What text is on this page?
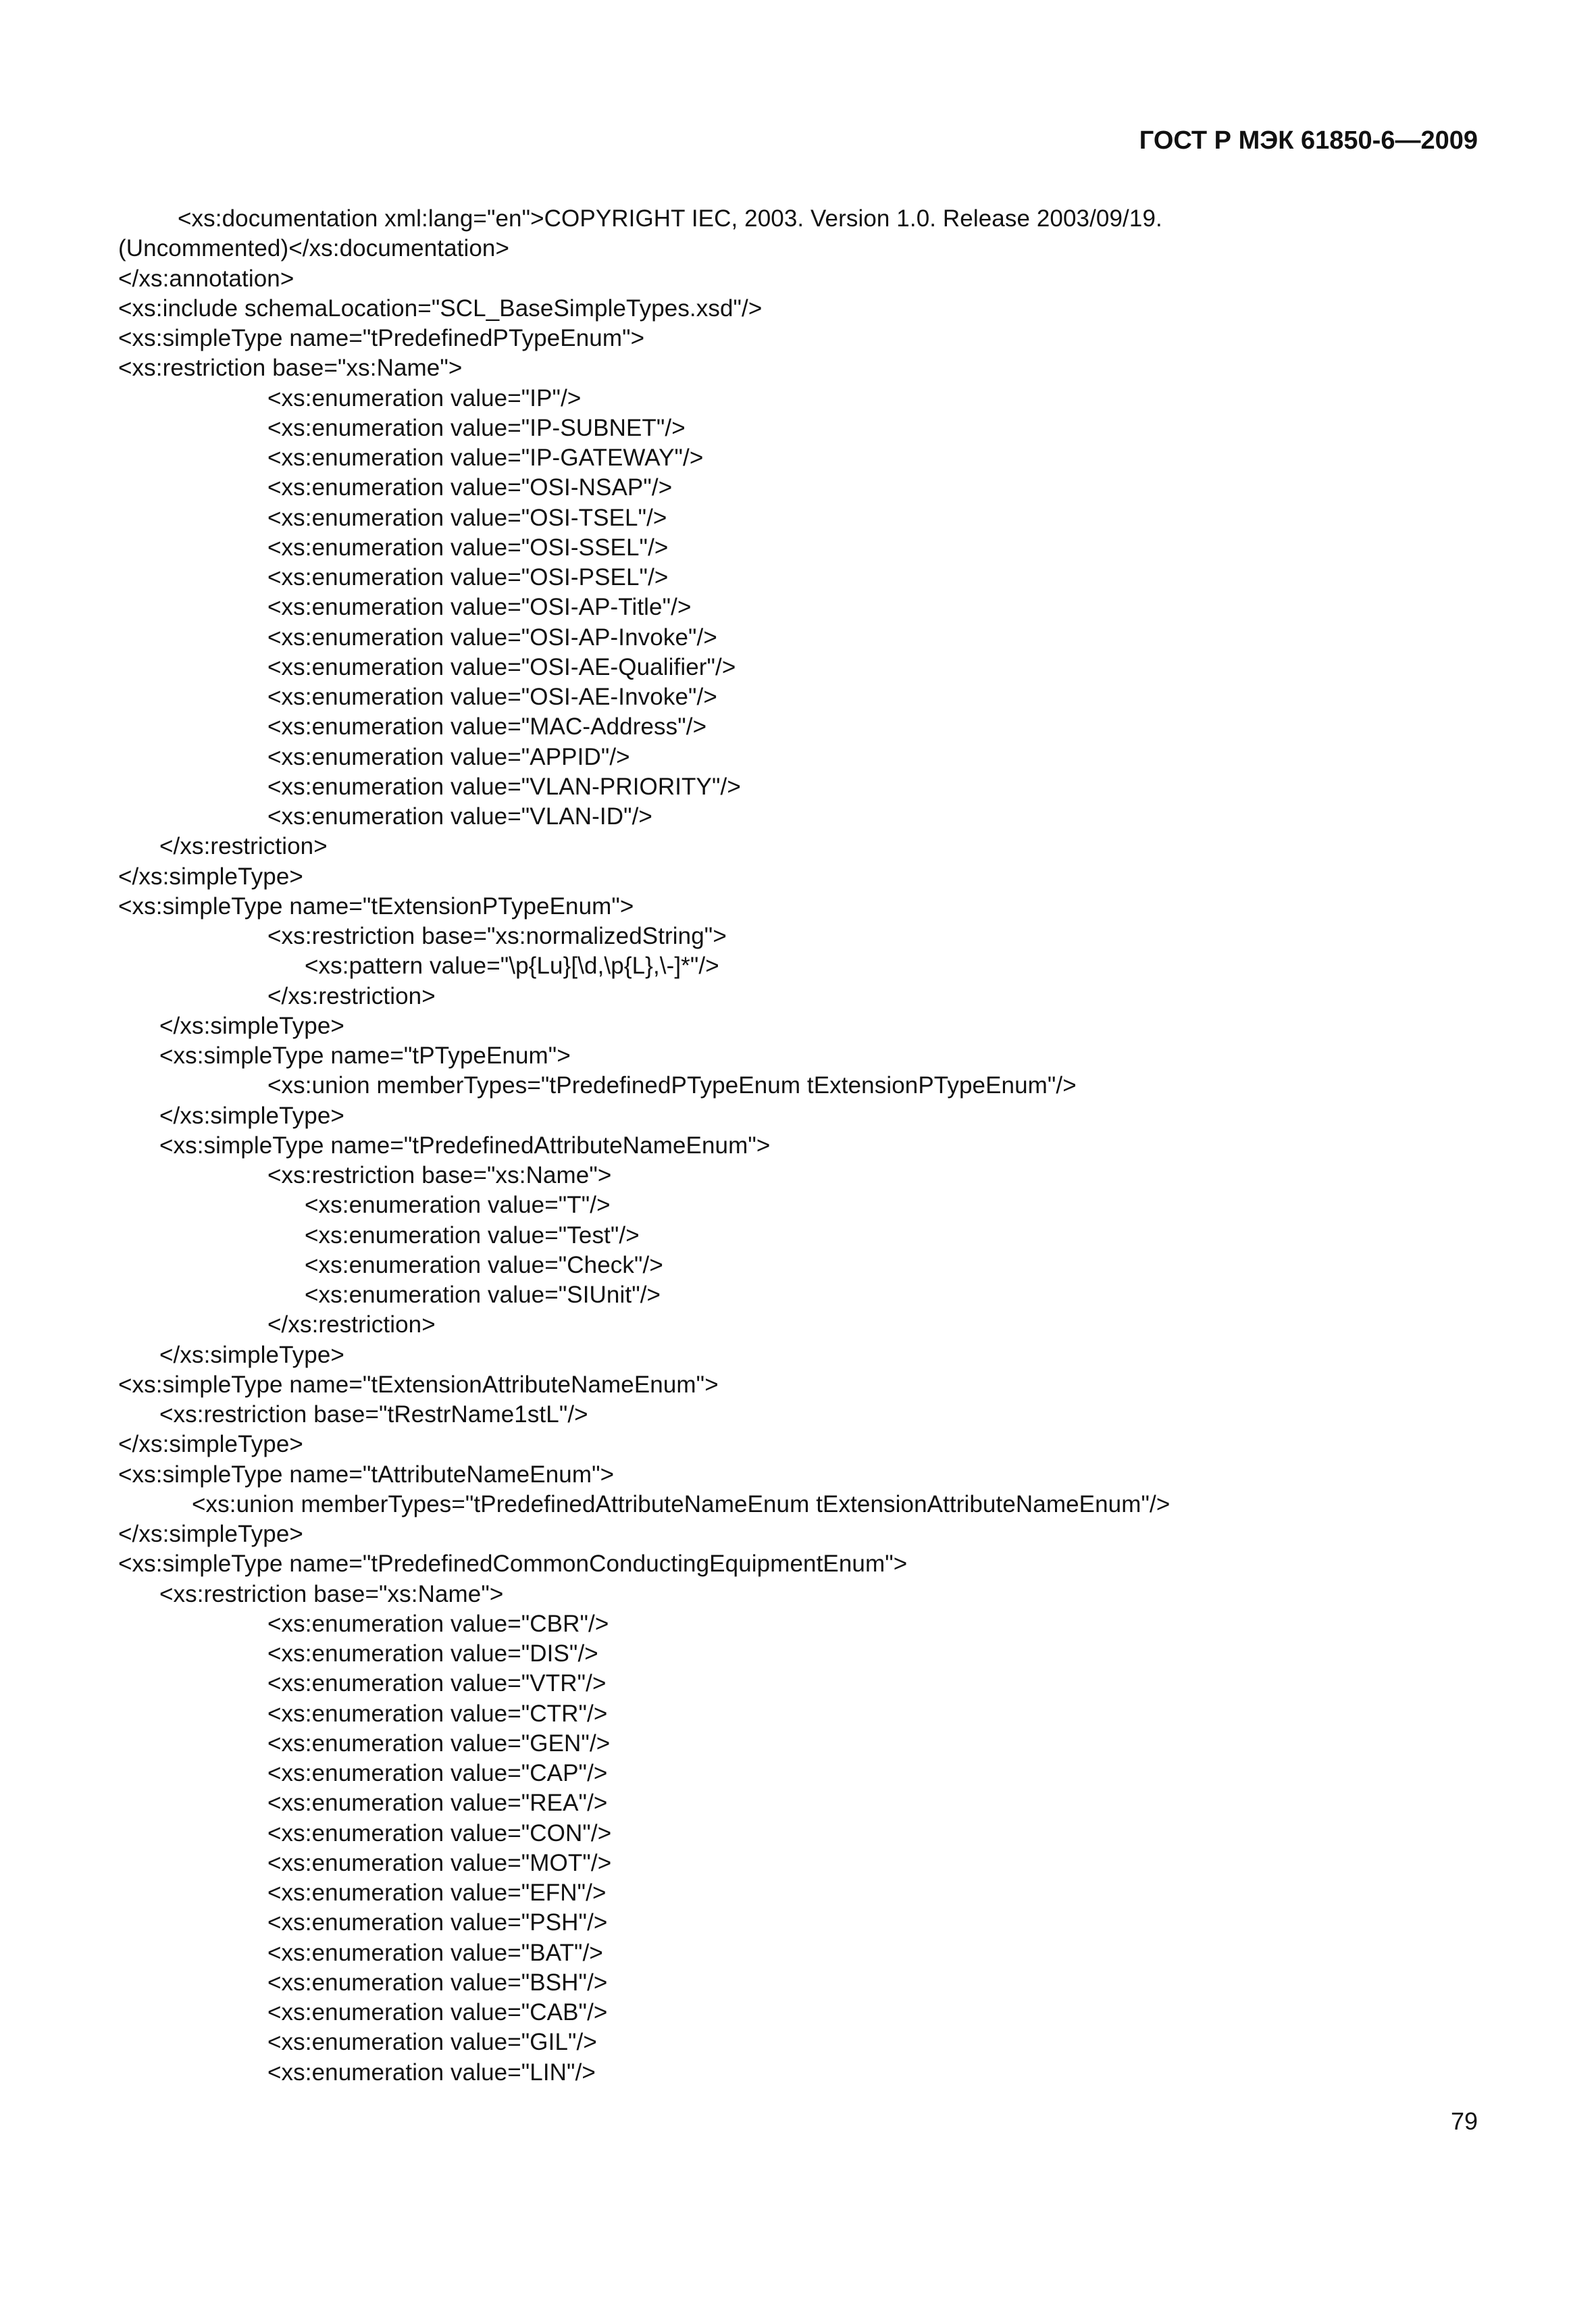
ГОСТ Р МЭК 61850-6—2009
<xs:documentation xml:lang="en">COPYRIGHT IEC, 2003. Version 1.0. Release 2003/09/19.
(Uncommented)</xs:documentation>
</xs:annotation>
<xs:include schemaLocation="SCL_BaseSimpleTypes.xsd"/>
<xs:simpleType name="tPredefinedPTypeEnum">
<xs:restriction base="xs:Name">
<xs:enumeration value="IP"/>
<xs:enumeration value="IP-SUBNET"/>
<xs:enumeration value="IP-GATEWAY"/>
<xs:enumeration value="OSI-NSAP"/>
<xs:enumeration value="OSI-TSEL"/>
<xs:enumeration value="OSI-SSEL"/>
<xs:enumeration value="OSI-PSEL"/>
<xs:enumeration value="OSI-AP-Title"/>
<xs:enumeration value="OSI-AP-Invoke"/>
<xs:enumeration value="OSI-AE-Qualifier"/>
<xs:enumeration value="OSI-AE-Invoke"/>
<xs:enumeration value="MAC-Address"/>
<xs:enumeration value="APPID"/>
<xs:enumeration value="VLAN-PRIORITY"/>
<xs:enumeration value="VLAN-ID"/>
</xs:restriction>
</xs:simpleType>
<xs:simpleType name="tExtensionPTypeEnum">
<xs:restriction base="xs:normalizedString">
<xs:pattern value="\p{Lu}[\d,\p{L},\-]*"/>
</xs:restriction>
</xs:simpleType>
<xs:simpleType name="tPTypeEnum">
<xs:union memberTypes="tPredefinedPTypeEnum tExtensionPTypeEnum"/>
</xs:simpleType>
<xs:simpleType name="tPredefinedAttributeNameEnum">
<xs:restriction base="xs:Name">
<xs:enumeration value="T"/>
<xs:enumeration value="Test"/>
<xs:enumeration value="Check"/>
<xs:enumeration value="SIUnit"/>
</xs:restriction>
</xs:simpleType>
<xs:simpleType name="tExtensionAttributeNameEnum">
<xs:restriction base="tRestrName1stL"/>
</xs:simpleType>
<xs:simpleType name="tAttributeNameEnum">
<xs:union memberTypes="tPredefinedAttributeNameEnum tExtensionAttributeNameEnum"/>
</xs:simpleType>
<xs:simpleType name="tPredefinedCommonConductingEquipmentEnum">
<xs:restriction base="xs:Name">
<xs:enumeration value="CBR"/>
<xs:enumeration value="DIS"/>
<xs:enumeration value="VTR"/>
<xs:enumeration value="CTR"/>
<xs:enumeration value="GEN"/>
<xs:enumeration value="CAP"/>
<xs:enumeration value="REA"/>
<xs:enumeration value="CON"/>
<xs:enumeration value="MOT"/>
<xs:enumeration value="EFN"/>
<xs:enumeration value="PSH"/>
<xs:enumeration value="BAT"/>
<xs:enumeration value="BSH"/>
<xs:enumeration value="CAB"/>
<xs:enumeration value="GIL"/>
<xs:enumeration value="LIN"/>
79
